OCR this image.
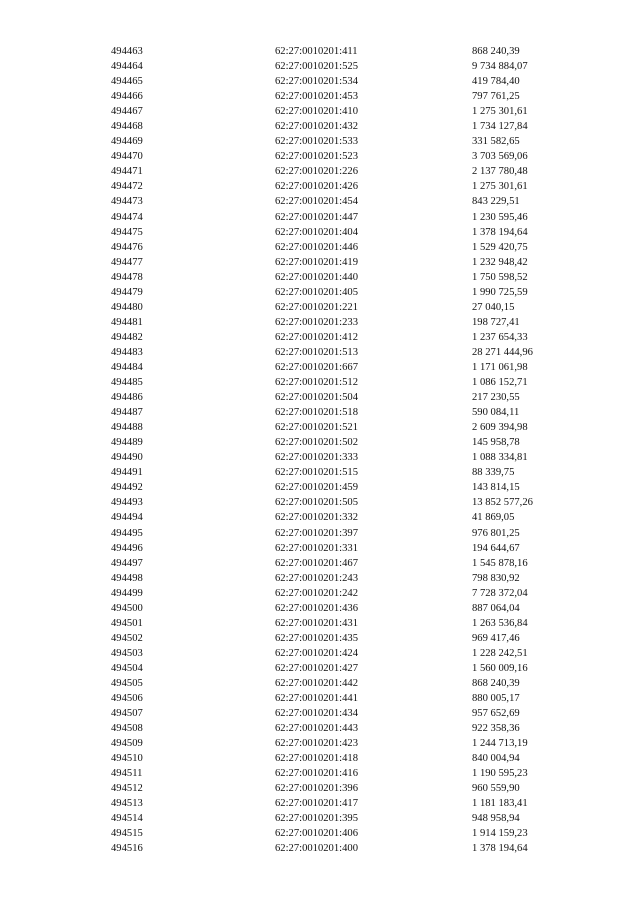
494463	62:27:0010201:411	868 240,39
494464	62:27:0010201:525	9 734 884,07
494465	62:27:0010201:534	419 784,40
494466	62:27:0010201:453	797 761,25
494467	62:27:0010201:410	1 275 301,61
494468	62:27:0010201:432	1 734 127,84
494469	62:27:0010201:533	331 582,65
494470	62:27:0010201:523	3 703 569,06
494471	62:27:0010201:226	2 137 780,48
494472	62:27:0010201:426	1 275 301,61
494473	62:27:0010201:454	843 229,51
494474	62:27:0010201:447	1 230 595,46
494475	62:27:0010201:404	1 378 194,64
494476	62:27:0010201:446	1 529 420,75
494477	62:27:0010201:419	1 232 948,42
494478	62:27:0010201:440	1 750 598,52
494479	62:27:0010201:405	1 990 725,59
494480	62:27:0010201:221	27 040,15
494481	62:27:0010201:233	198 727,41
494482	62:27:0010201:412	1 237 654,33
494483	62:27:0010201:513	28 271 444,96
494484	62:27:0010201:667	1 171 061,98
494485	62:27:0010201:512	1 086 152,71
494486	62:27:0010201:504	217 230,55
494487	62:27:0010201:518	590 084,11
494488	62:27:0010201:521	2 609 394,98
494489	62:27:0010201:502	145 958,78
494490	62:27:0010201:333	1 088 334,81
494491	62:27:0010201:515	88 339,75
494492	62:27:0010201:459	143 814,15
494493	62:27:0010201:505	13 852 577,26
494494	62:27:0010201:332	41 869,05
494495	62:27:0010201:397	976 801,25
494496	62:27:0010201:331	194 644,67
494497	62:27:0010201:467	1 545 878,16
494498	62:27:0010201:243	798 830,92
494499	62:27:0010201:242	7 728 372,04
494500	62:27:0010201:436	887 064,04
494501	62:27:0010201:431	1 263 536,84
494502	62:27:0010201:435	969 417,46
494503	62:27:0010201:424	1 228 242,51
494504	62:27:0010201:427	1 560 009,16
494505	62:27:0010201:442	868 240,39
494506	62:27:0010201:441	880 005,17
494507	62:27:0010201:434	957 652,69
494508	62:27:0010201:443	922 358,36
494509	62:27:0010201:423	1 244 713,19
494510	62:27:0010201:418	840 004,94
494511	62:27:0010201:416	1 190 595,23
494512	62:27:0010201:396	960 559,90
494513	62:27:0010201:417	1 181 183,41
494514	62:27:0010201:395	948 958,94
494515	62:27:0010201:406	1 914 159,23
494516	62:27:0010201:400	1 378 194,64
